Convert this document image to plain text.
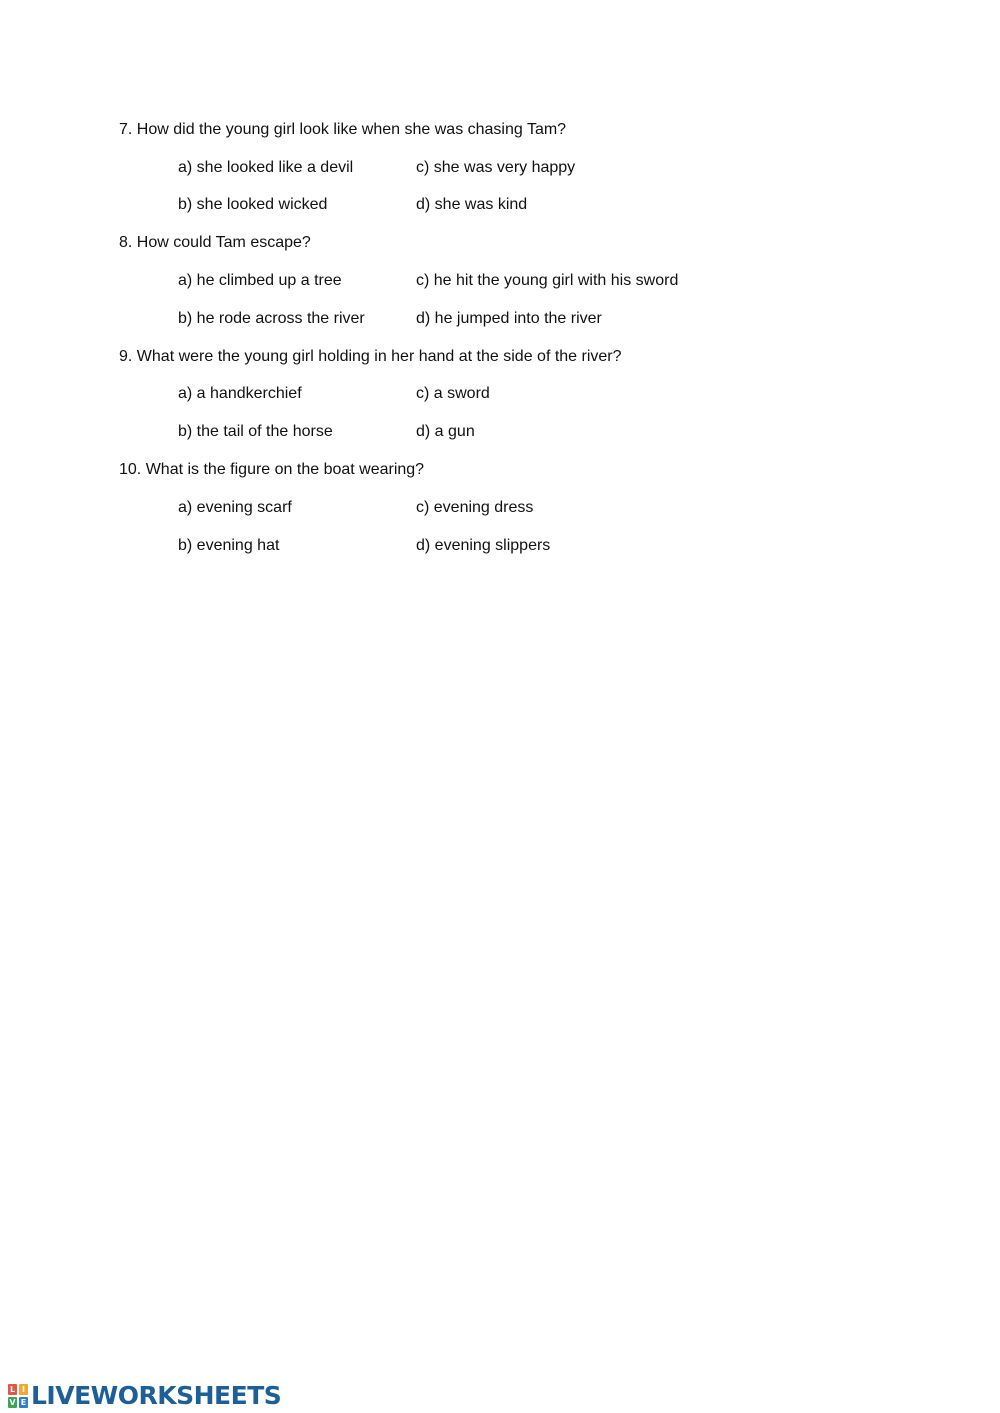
7. How did the young girl look like when she was chasing Tam?
a) she looked like a devil	c) she was very happy
b) she looked wicked	d) she was kind
8. How could Tam escape?
a) he climbed up a tree	c) he hit the young girl with his sword
b) he rode across the river	d) he jumped into the river
9. What were the young girl holding in her hand at the side of the river?
a) a handkerchief	c) a sword
b) the tail of the horse	d) a gun
10. What is the figure on the boat wearing?
a) evening scarf	c) evening dress
b) evening hat	d) evening slippers
L I
V E LIVEWORKSHEETS
